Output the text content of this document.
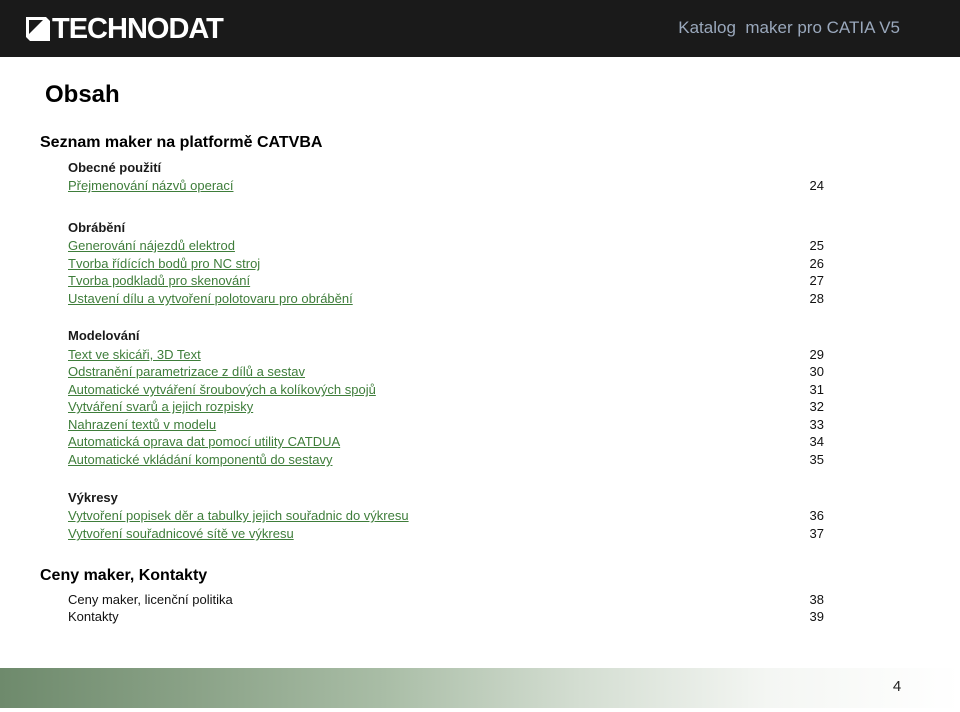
TECHNODAT	Katalog  maker pro CATIA V5
Obsah
Seznam maker na platformě CATVBA
Obecné použití
Přejmenování názvů operací	24
Obrábění
Generování nájezdů elektrod	25
Tvorba řídících bodů pro NC stroj	26
Tvorba podkladů pro skenování	27
Ustavení dílu a vytvoření polotovaru pro obrábění	28
Modelování
Text ve skicáři, 3D Text	29
Odstranění parametrizace z dílů a sestav	30
Automatické vytváření šroubových a kolíkových spojů	31
Vytváření svarů a jejich rozpisky	32
Nahrazení textů v modelu	33
Automatická oprava dat pomocí utility CATDUA	34
Automatické vkládání komponentů do sestavy	35
Výkresy
Vytvoření popisek děr a tabulky jejich souřadnic do výkresu	36
Vytvoření souřadnicové sítě ve výkresu	37
Ceny maker, Kontakty
Ceny maker, licenční politika	38
Kontakty	39
4
